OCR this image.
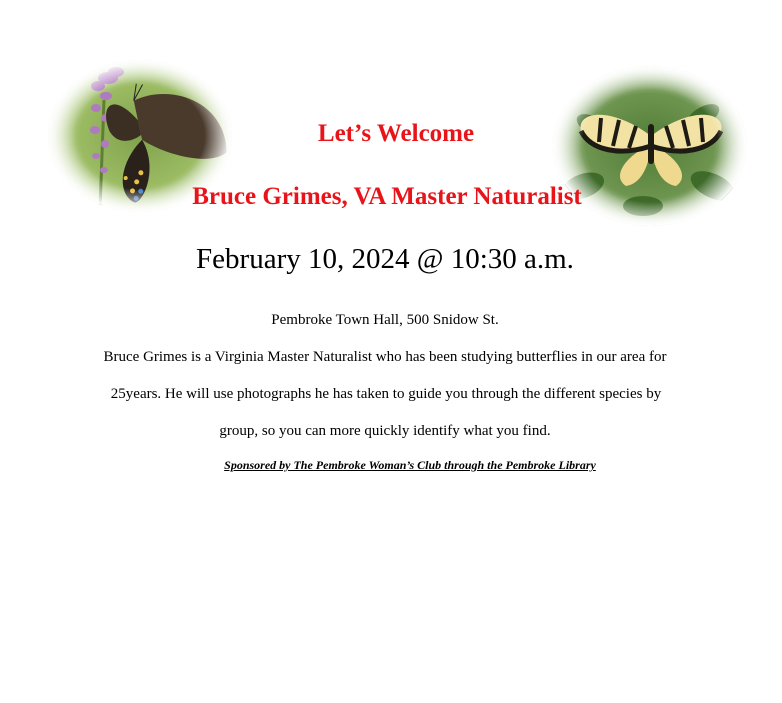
Let’s Welcome
Bruce Grimes, VA Master Naturalist
February 10, 2024 @ 10:30 a.m.
Pembroke Town Hall, 500 Snidow St.
Bruce Grimes is a Virginia Master Naturalist who has been studying butterflies in our area for
25years. He will use photographs he has taken to guide you through the different species by
group, so you can more quickly identify what you find.
Sponsored by The Pembroke Woman’s Club through the Pembroke Library
